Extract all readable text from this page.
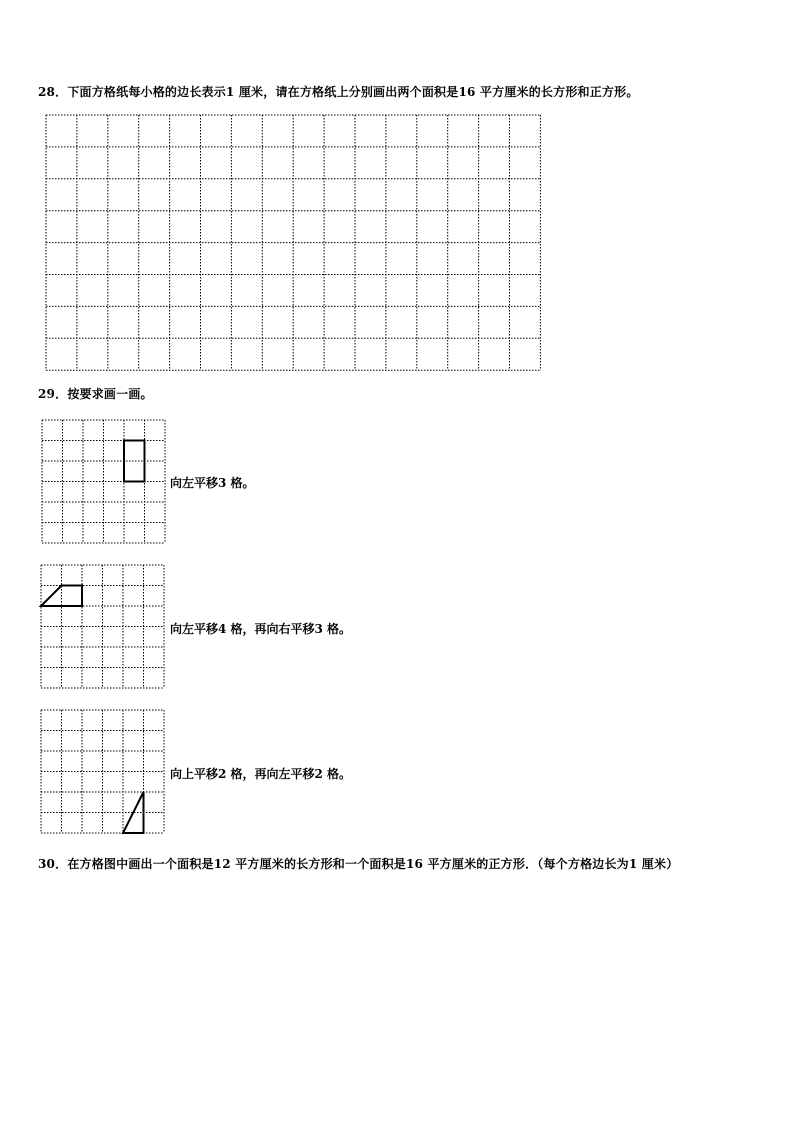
28．下面方格纸每小格的边长表示1 厘米，请在方格纸上分别画出两个面积是16 平方厘米的长方形和正方形。
29．按要求画一画。
向左平移3 格。
向左平移4 格，再向右平移3 格。
向上平移2 格，再向左平移2 格。
30．在方格图中画出一个面积是12 平方厘米的长方形和一个面积是16 平方厘米的正方形．（每个方格边长为1 厘米）
